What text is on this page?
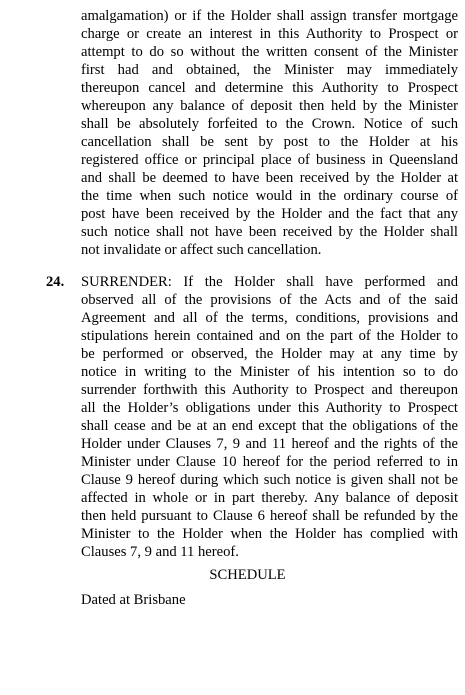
amalgamation) or if the Holder shall assign transfer mortgage
charge or create an interest in this Authority to Prospect or
attempt to do so without the written consent of the Minister
first had and obtained, the Minister may immediately
thereupon cancel and determine this Authority to Prospect
whereupon any balance of deposit then held by the Minister
shall be absolutely forfeited to the Crown. Notice of such
cancellation shall be sent by post to the Holder at his
registered office or principal place of business in Queensland
and shall be deemed to have been received by the Holder at
the time when such notice would in the ordinary course of
post have been received by the Holder and the fact that any
such notice shall not have been received by the Holder shall
not invalidate or affect such cancellation.
24. SURRENDER: If the Holder shall have performed and
observed all of the provisions of the Acts and of the said
Agreement and all of the terms, conditions, provisions and
stipulations herein contained and on the part of the Holder to
be performed or observed, the Holder may at any time by
notice in writing to the Minister of his intention so to do
surrender forthwith this Authority to Prospect and thereupon
all the Holder’s obligations under this Authority to Prospect
shall cease and be at an end except that the obligations of the
Holder under Clauses 7, 9 and 11 hereof and the rights of the
Minister under Clause 10 hereof for the period referred to in
Clause 9 hereof during which such notice is given shall not be
affected in whole or in part thereby. Any balance of deposit
then held pursuant to Clause 6 hereof shall be refunded by the
Minister to the Holder when the Holder has complied with
Clauses 7, 9 and 11 hereof.
SCHEDULE
Dated at Brisbane
